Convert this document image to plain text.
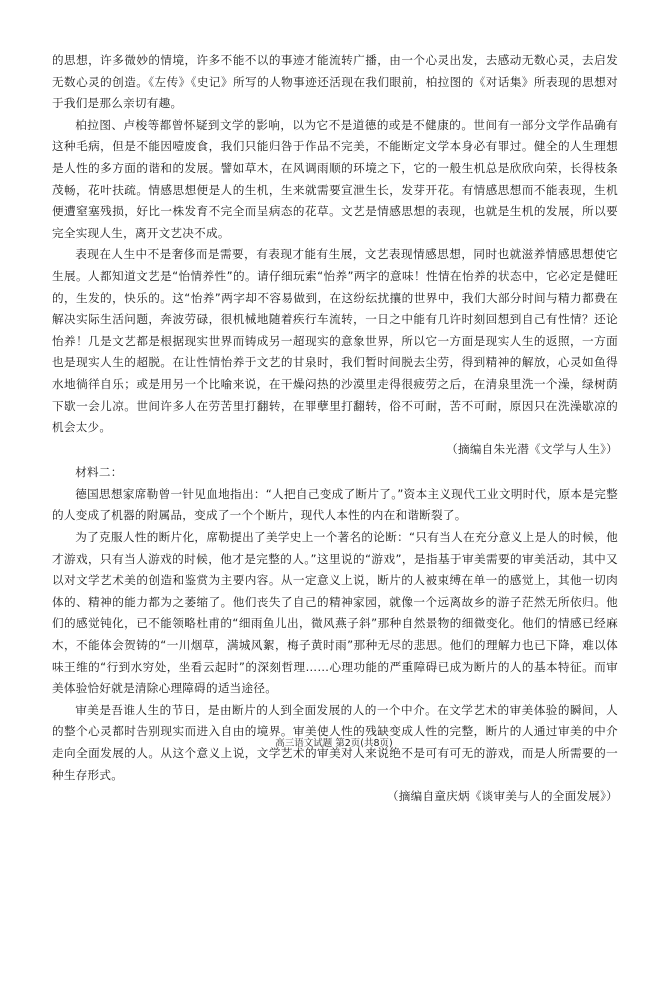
的思想，许多微妙的情境，许多不能不以的事迹才能流转广播，由一个心灵出发，去感动无数心灵，去启发无数心灵的创造。《左传》《史记》所写的人物事迹还活现在我们眼前，柏拉图的《对话集》所表现的思想对于我们是那么亲切有趣。

柏拉图、卢梭等都曾怀疑到文学的影响，以为它不是道德的或是不健康的。世间有一部分文学作品确有这种毛病，但是不能因噎废食，我们只能归咎于作品不完美，不能断定文学本身必有罪过。健全的人生理想是人性的多方面的谐和的发展。譬如草木，在风调雨顺的环境之下，它的一般生机总是欣欣向荣，长得枝条茂畅，花叶扶疏。情感思想便是人的生机，生来就需要宣泄生长，发芽开花。有情感思想而不能表现，生机便遭窒塞残损，好比一株发育不完全而呈病态的花草。文艺是情感思想的表现，也就是生机的发展，所以要完全实现人生，离开文艺决不成。

表现在人生中不是奢侈而是需要，有表现才能有生展，文艺表现情感思想，同时也就滋养情感思想使它生展。人都知道文艺是“怡情养性”的。请仔细玩索“怡养”两字的意味！性情在怡养的状态中，它必定是健旺的，生发的，快乐的。这“怡养”两字却不容易做到，在这纷纭扰攘的世界中，我们大部分时间与精力都费在解决实际生活问题，奔波劳碌，很机械地随着疾行车流转，一日之中能有几许时刻回想到自己有性情？还论怡养！几是文艺都是根据现实世界而铸成另一超现实的意象世界，所以它一方面是现实人生的返照，一方面也是现实人生的超脱。在让性情怡养于文艺的甘泉时，我们暂时间脱去尘劳，得到精神的解放，心灵如鱼得水地徜徉自乐；或是用另一个比喻来说，在干燥闷热的沙漠里走得很疲劳之后，在清泉里洗一个澡，绿树荫下歇一会儿凉。世间许多人在劳苦里打翻转，在罪孽里打翻转，俗不可耐，苦不可耐，原因只在洗澡歇凉的机会太少。

（摘编自朱光潜《文学与人生》）

材料二：

德国思想家席勒曾一针见血地指出：“人把自己变成了断片了。”资本主义现代工业文明时代，原本是完整的人变成了机器的附属品，变成了一个个断片，现代人本性的内在和谐断裂了。

为了克服人性的断片化，席勒提出了美学史上一个著名的论断：“只有当人在充分意义上是人的时候，他才游戏，只有当人游戏的时候，他才是完整的人。”这里说的“游戏”，是指基于审美需要的审美活动，其中又以对文学艺术美的创造和鉴赏为主要内容。从一定意义上说，断片的人被束缚在单一的感觉上，其他一切肉体的、精神的能力都为之萎缩了。他们丧失了自己的精神家园，就像一个远离故乡的游子茫然无所依归。他们的感觉钝化，已不能领略杜甫的“细雨鱼儿出，微风燕子斜”那种自然景物的细微变化。他们的情感已经麻木，不能体会贺铸的“一川烟草，满城风絮，梅子黄时雨”那种无尽的悲思。他们的理解力也已下降，难以体味王维的“行到水穷处，坐看云起时”的深刻哲理……心理功能的严重障碍已成为断片的人的基本特征。而审美体验恰好就是清除心理障碍的适当途径。

审美是吾谁人生的节日，是由断片的人到全面发展的人的一个中介。在文学艺术的审美体验的瞬间，人的整个心灵都时告别现实而进入自由的境界。审美使人性的残缺变成人性的完整，断片的人通过审美的中介走向全面发展的人。从这个意义上说，文学艺术的审美对人来说绝不是可有可无的游戏，而是人所需要的一种生存形式。

（摘编自童庆炳《谈审美与人的全面发展》）

高三语文试题 第2页(共8页)
